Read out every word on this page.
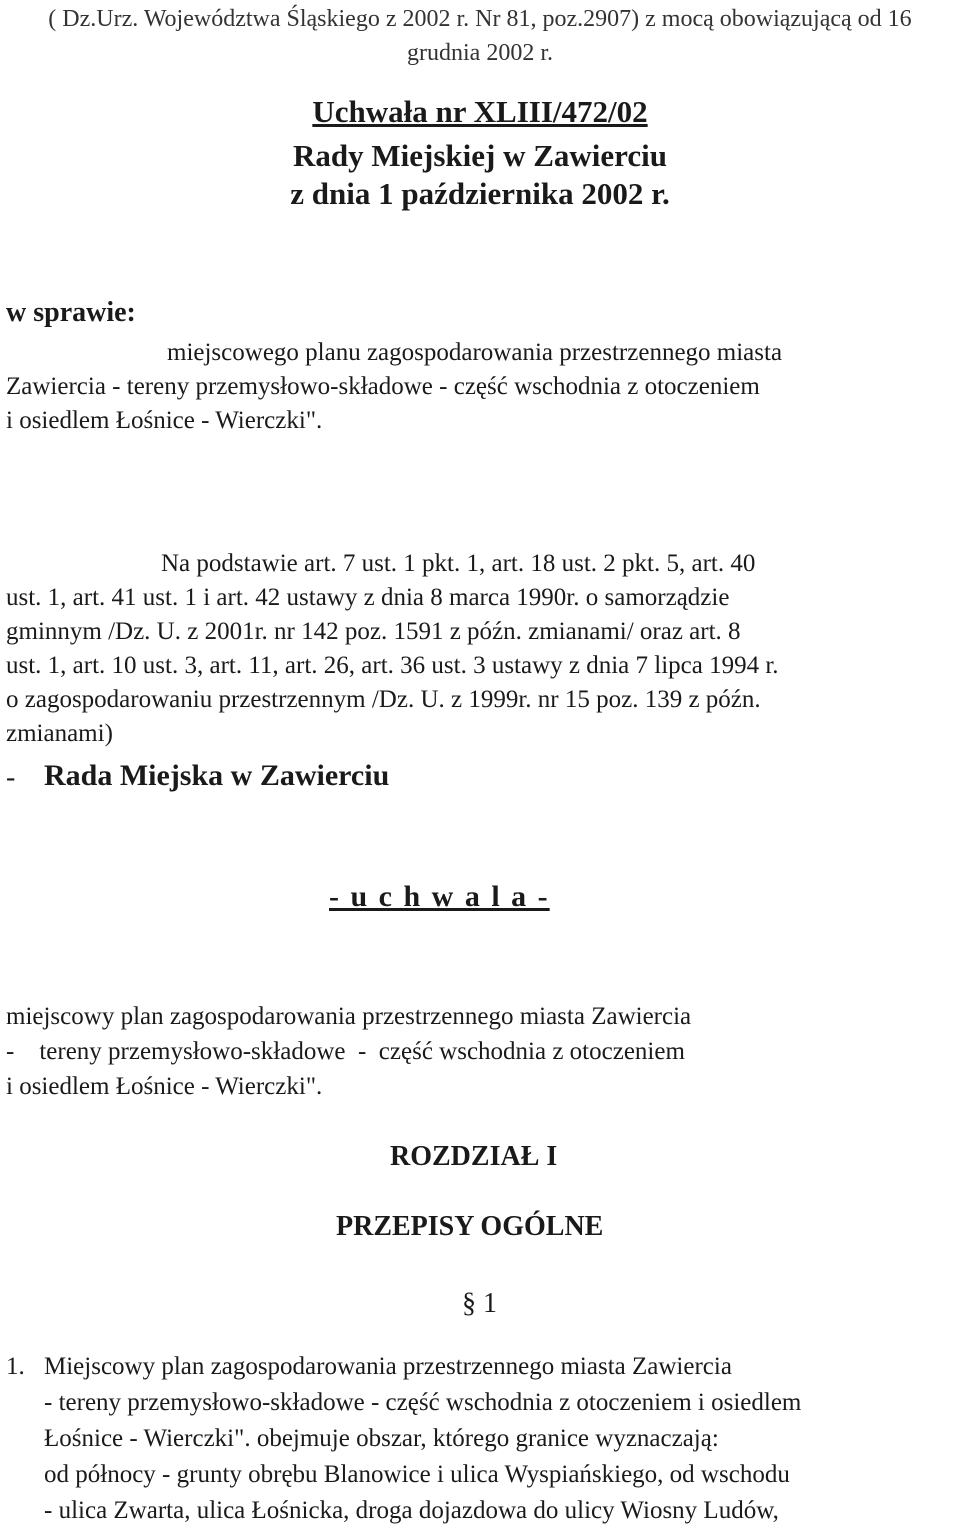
( Dz.Urz. Województwa Śląskiego z 2002 r. Nr 81, poz.2907) z mocą obowiązującą od 16
grudnia 2002 r.
Uchwała nr XLIII/472/02
Rady Miejskiej w Zawierciu
z dnia 1 października 2002 r.
w sprawie:
miejscowego planu zagospodarowania przestrzennego miasta
Zawiercia - tereny przemysłowo-składowe - część wschodnia z otoczeniem
i osiedlem Łośnice - Wierczki".
Na podstawie art. 7 ust. 1 pkt. 1, art. 18 ust. 2 pkt. 5, art. 40
ust. 1, art. 41 ust. 1 i art. 42 ustawy z dnia 8 marca 1990r. o samorządzie
gminnym /Dz. U. z 2001r. nr 142 poz. 1591 z późn. zmianami/ oraz art. 8
ust. 1, art. 10 ust. 3, art. 11, art. 26, art. 36 ust. 3 ustawy z dnia 7 lipca 1994 r.
o zagospodarowaniu przestrzennym /Dz. U. z 1999r. nr 15 poz. 139 z późn.
zmianami)
- Rada Miejska w Zawierciu
- u c h w a l a -
miejscowy plan zagospodarowania przestrzennego miasta Zawiercia
-    tereny przemysłowo-składowe  -  część wschodnia z otoczeniem
i osiedlem Łośnice - Wierczki".
ROZDZIAŁ I
PRZEPISY OGÓLNE
§ 1
1. Miejscowy plan zagospodarowania przestrzennego miasta Zawiercia
- tereny przemysłowo-składowe - część wschodnia z otoczeniem i osiedlem
Łośnice - Wierczki". obejmuje obszar, którego granice wyznaczają:
od północy - grunty obrębu Blanowice i ulica Wyspiańskiego, od wschodu
- ulica Zwarta, ulica Łośnicka, droga dojazdowa do ulicy Wiosny Ludów,
